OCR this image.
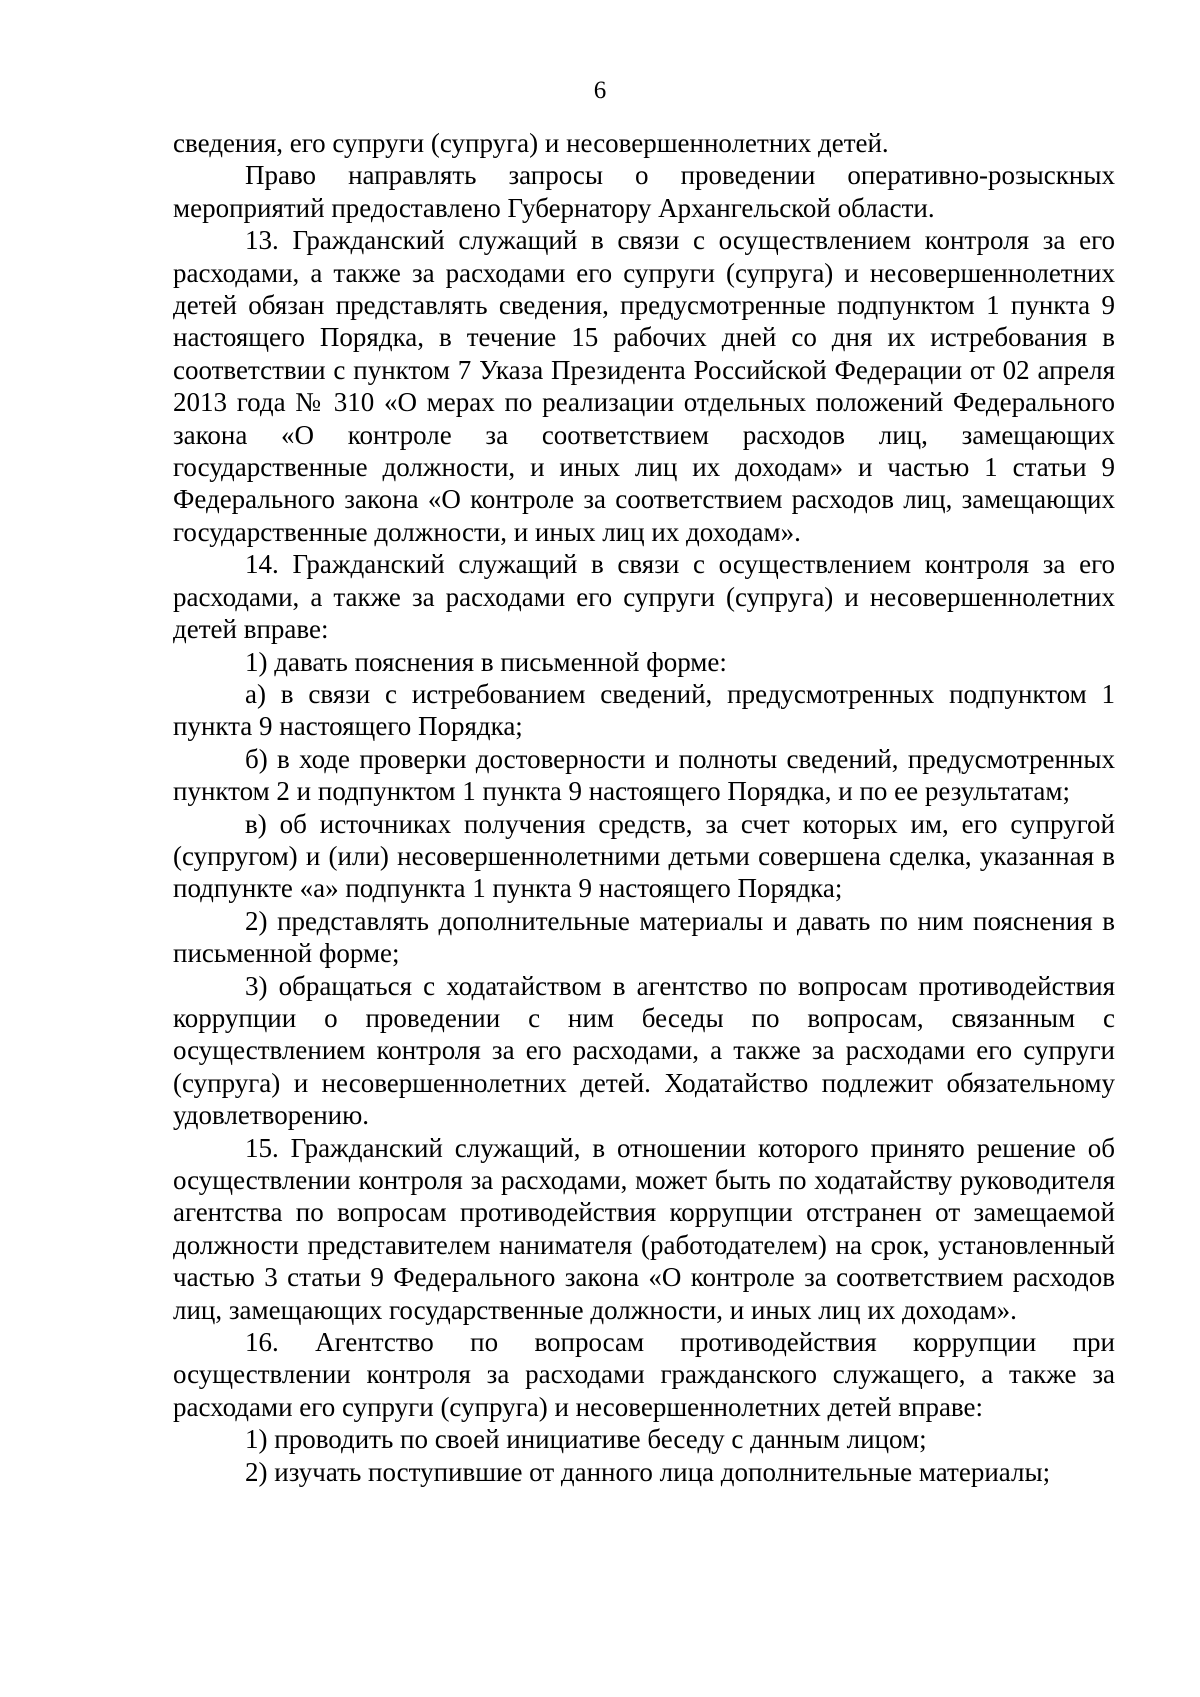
6

сведения, его супруги (супруга) и несовершеннолетних детей.

Право направлять запросы о проведении оперативно-розыскных мероприятий предоставлено Губернатору Архангельской области.

13. Гражданский служащий в связи с осуществлением контроля за его расходами, а также за расходами его супруги (супруга) и несовершеннолетних детей обязан представлять сведения, предусмотренные подпунктом 1 пункта 9 настоящего Порядка, в течение 15 рабочих дней со дня их истребования в соответствии с пунктом 7 Указа Президента Российской Федерации от 02 апреля 2013 года № 310 «О мерах по реализации отдельных положений Федерального закона «О контроле за соответствием расходов лиц, замещающих государственные должности, и иных лиц их доходам» и частью 1 статьи 9 Федерального закона «О контроле за соответствием расходов лиц, замещающих государственные должности, и иных лиц их доходам».

14. Гражданский служащий в связи с осуществлением контроля за его расходами, а также за расходами его супруги (супруга) и несовершеннолетних детей вправе:

1) давать пояснения в письменной форме:

а) в связи с истребованием сведений, предусмотренных подпунктом 1 пункта 9 настоящего Порядка;

б) в ходе проверки достоверности и полноты сведений, предусмотренных пунктом 2 и подпунктом 1 пункта 9 настоящего Порядка, и по ее результатам;

в) об источниках получения средств, за счет которых им, его супругой (супругом) и (или) несовершеннолетними детьми совершена сделка, указанная в подпункте «а» подпункта 1 пункта 9 настоящего Порядка;

2) представлять дополнительные материалы и давать по ним пояснения в письменной форме;

3) обращаться с ходатайством в агентство по вопросам противодействия коррупции о проведении с ним беседы по вопросам, связанным с осуществлением контроля за его расходами, а также за расходами его супруги (супруга) и несовершеннолетних детей. Ходатайство подлежит обязательному удовлетворению.

15. Гражданский служащий, в отношении которого принято решение об осуществлении контроля за расходами, может быть по ходатайству руководителя агентства по вопросам противодействия коррупции отстранен от замещаемой должности представителем нанимателя (работодателем) на срок, установленный частью 3 статьи 9 Федерального закона «О контроле за соответствием расходов лиц, замещающих государственные должности, и иных лиц их доходам».

16. Агентство по вопросам противодействия коррупции при осуществлении контроля за расходами гражданского служащего, а также за расходами его супруги (супруга) и несовершеннолетних детей вправе:

1) проводить по своей инициативе беседу с данным лицом;

2) изучать поступившие от данного лица дополнительные материалы;
